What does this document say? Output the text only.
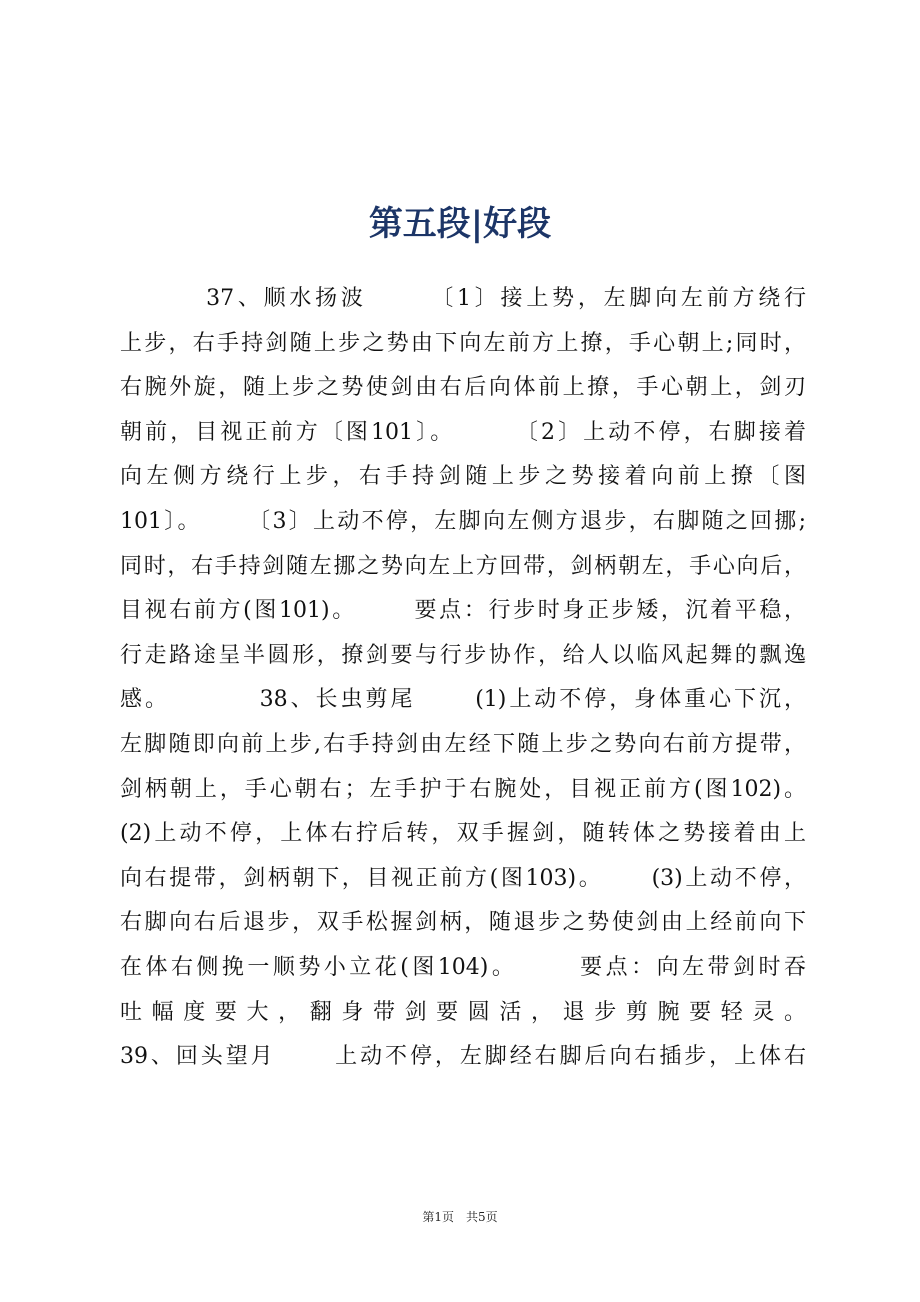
第五段|好段
37、顺水扬波      〔1〕接上势，左脚向左前方绕行
上步，右手持剑随上步之势由下向左前方上撩，手心朝上;同时，
右腕外旋，随上步之势使剑由右后向体前上撩，手心朝上，剑刃
朝前，目视正前方〔图101〕。      〔2〕上动不停，右脚接着
向左侧方绕行上步，右手持剑随上步之势接着向前上撩〔图
101〕。     〔3〕上动不停，左脚向左侧方退步，右脚随之回挪;
同时，右手持剑随左挪之势向左上方回带，剑柄朝左，手心向后，
目视右前方(图101)。      要点：行步时身正步矮，沉着平稳，
行走路途呈半圆形，撩剑要与行步协作，给人以临风起舞的飘逸
感。         38、长虫剪尾      (1)上动不停，身体重心下沉，
左脚随即向前上步,右手持剑由左经下随上步之势向右前方提带，
剑柄朝上，手心朝右；左手护于右腕处，目视正前方(图102)。
(2)上动不停，上体右拧后转，双手握剑，随转体之势接着由上
向右提带，剑柄朝下，目视正前方(图103)。     (3)上动不停，
右脚向右后退步，双手松握剑柄，随退步之势使剑由上经前向下
在体右侧挽一顺势小立花(图104)。      要点：向左带剑时吞
吐幅度要大，翻身带剑要圆活，退步剪腕要轻灵。
39、回头望月      上动不停，左脚经右脚后向右插步，上体右
第1页　共5页
